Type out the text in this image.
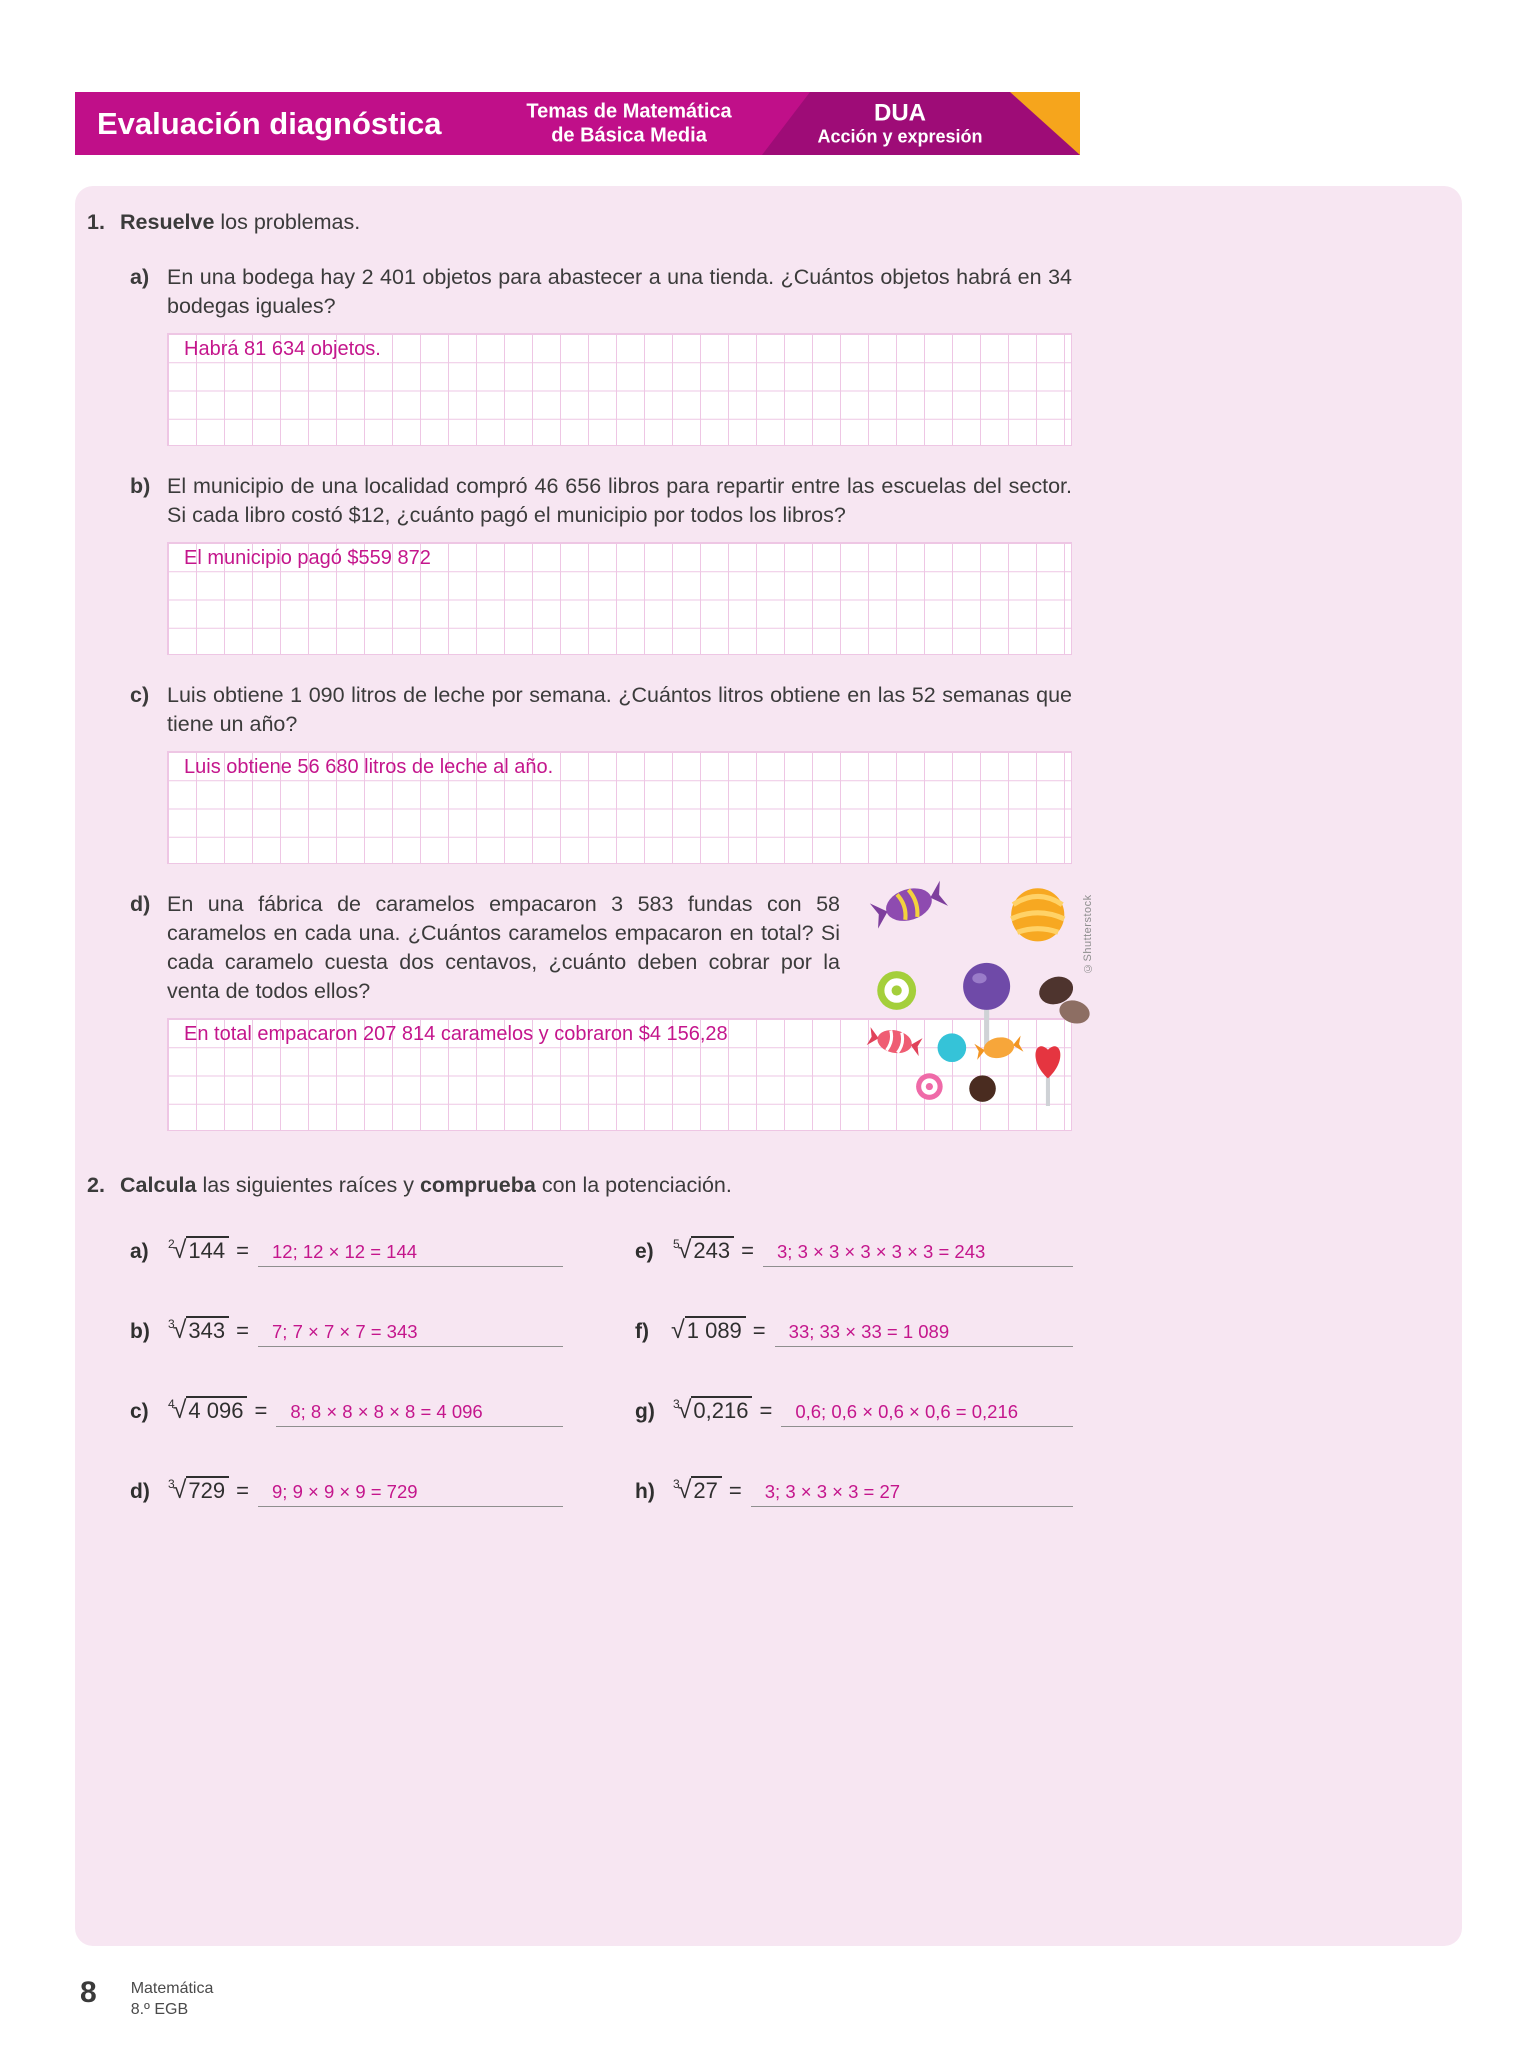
Evaluación diagnóstica	Temas de Matemática
de Básica Media
DUA
Acción y expresión
1. Resuelve los problemas.
a) En una bodega hay 2 401 objetos para abastecer a una tienda. ¿Cuántos objetos habrá en 34 bodegas iguales?

Habrá 81 634 objetos.
b) El municipio de una localidad compró 46 656 libros para repartir entre las escuelas del sector. Si cada libro costó $12, ¿cuánto pagó el municipio por todos los libros?

El municipio pagó $559 872
c) Luis obtiene 1 090 litros de leche por semana. ¿Cuántos litros obtiene en las 52 semanas que tiene un año?

Luis obtiene 56 680 litros de leche al año.
d) En una fábrica de caramelos empacaron 3 583 fundas con 58 caramelos en cada una. ¿Cuántos caramelos empacaron en total? Si cada caramelo cuesta dos centavos, ¿cuánto deben cobrar por la venta de todos ellos?

En total empacaron 207 814 caramelos y cobraron $4 156,28
2. Calcula las siguientes raíces y comprueba con la potenciación.
a)	$^2$√144 =	12; 12 × 12 = 144
b)	$^3$√343 =	7; 7 × 7 × 7 = 343
c)	$^4$√4 096 =	8; 8 × 8 × 8 × 8 = 4 096
d)	$^3$√729 =	9; 9 × 9 × 9 = 729
e)	$^5$√243 =	3; 3 × 3 × 3 × 3 × 3 = 243
f) √1 089 =	33; 33 × 33 = 1 089
g)	$^3$√0,216 =	0,6; 0,6 × 0,6 × 0,6 = 0,216
h)	$^3$√27 =	3; 3 × 3 × 3 = 27
©Shutterstock
8 Matemática
8.º EGB
